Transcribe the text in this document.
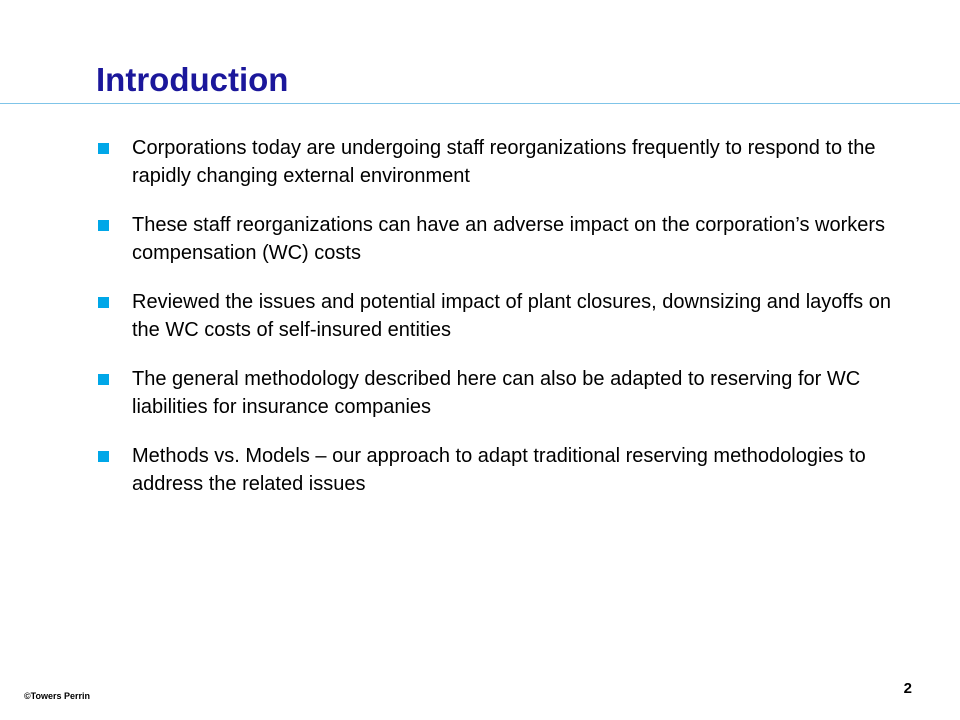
Introduction
Corporations today are undergoing staff reorganizations frequently to respond to the rapidly changing external environment
These staff reorganizations can have an adverse impact on the corporation’s workers compensation (WC) costs
Reviewed the issues and potential impact of plant closures, downsizing and layoffs on the WC costs of self-insured entities
The general methodology described here can also be adapted to reserving for WC liabilities for insurance companies
Methods vs. Models – our approach to adapt traditional reserving methodologies to address the related issues
©Towers Perrin	2
